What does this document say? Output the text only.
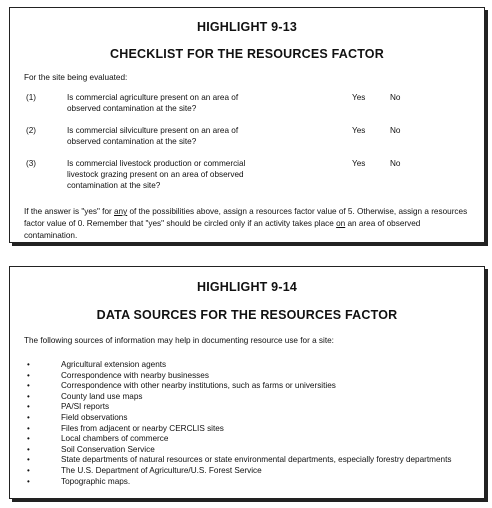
HIGHLIGHT 9-13
CHECKLIST FOR THE RESOURCES FACTOR
For the site being evaluated:
(1)	Is commercial agriculture present on an area of
observed contamination at the site?
Yes	No
(2)	Is commercial silviculture present on an area of
observed contamination at the site?
Yes	No
(3)	Is commercial livestock production or commercial
livestock grazing present on an area of observed
contamination at the site?
Yes	No
If the answer is "yes" for any of the possibilities above, assign a resources factor value of 5. Otherwise, assign a resources factor value of 0. Remember that "yes" should be circled only if an activity takes place on an area of observed contamination.
HIGHLIGHT 9-14
DATA SOURCES FOR THE RESOURCES FACTOR
The following sources of information may help in documenting resource use for a site:
•	Agricultural extension agents
•	Correspondence with nearby businesses
•	Correspondence with other nearby institutions, such as farms or universities
•	County land use maps
•	PA/SI reports
•	Field observations
•	Files from adjacent or nearby CERCLIS sites
•	Local chambers of commerce
•	Soil Conservation Service
•	State departments of natural resources or state environmental departments, especially forestry departments
•	The U.S. Department of Agriculture/U.S. Forest Service
•	Topographic maps.
